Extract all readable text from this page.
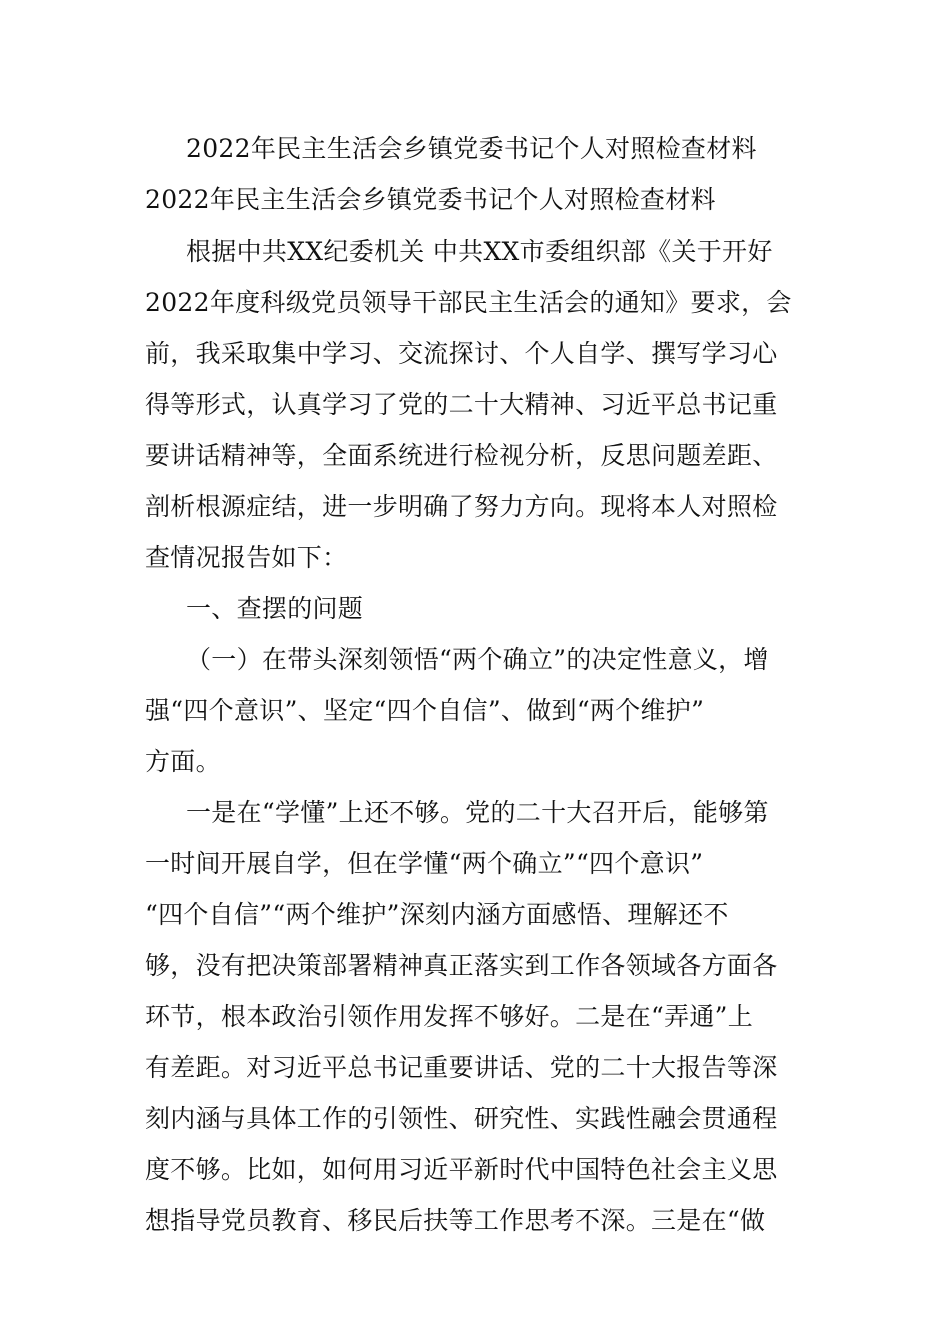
2022年民主生活会乡镇党委书记个人对照检查材料
2022年民主生活会乡镇党委书记个人对照检查材料
根据中共XX纪委机关 中共XX市委组织部《关于开好
2022年度科级党员领导干部民主生活会的通知》要求，会
前，我采取集中学习、交流探讨、个人自学、撰写学习心
得等形式，认真学习了党的二十大精神、习近平总书记重
要讲话精神等，全面系统进行检视分析，反思问题差距、
剖析根源症结，进一步明确了努力方向。现将本人对照检
查情况报告如下：
一、查摆的问题
（一）在带头深刻领悟“两个确立”的决定性意义，增
强“四个意识”、坚定“四个自信”、做到“两个维护”
方面。
一是在“学懂”上还不够。党的二十大召开后，能够第
一时间开展自学，但在学懂“两个确立”“四个意识”
“四个自信”“两个维护”深刻内涵方面感悟、理解还不
够，没有把决策部署精神真正落实到工作各领域各方面各
环节，根本政治引领作用发挥不够好。二是在“弄通”上
有差距。对习近平总书记重要讲话、党的二十大报告等深
刻内涵与具体工作的引领性、研究性、实践性融会贯通程
度不够。比如，如何用习近平新时代中国特色社会主义思
想指导党员教育、移民后扶等工作思考不深。三是在“做
